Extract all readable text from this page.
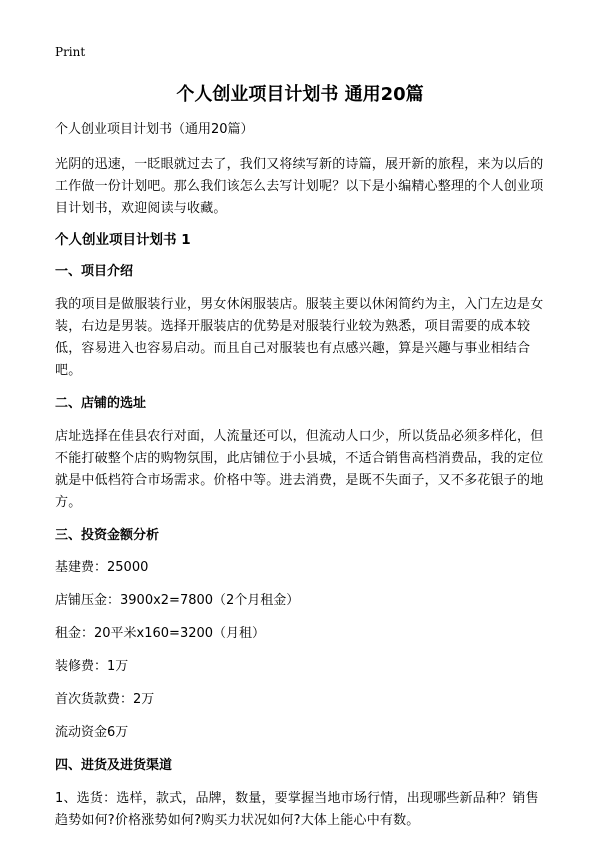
Print
个人创业项目计划书 通用20篇
个人创业项目计划书（通用20篇）

光阴的迅速，一眨眼就过去了，我们又将续写新的诗篇，展开新的旅程，来为以后的工作做一份计划吧。那么我们该怎么去写计划呢？以下是小编精心整理的个人创业项目计划书，欢迎阅读与收藏。

个人创业项目计划书 1
一、项目介绍

我的项目是做服装行业，男女休闲服装店。服装主要以休闲简约为主，入门左边是女装，右边是男装。选择开服装店的优势是对服装行业较为熟悉，项目需要的成本较低，容易进入也容易启动。而且自己对服装也有点感兴趣，算是兴趣与事业相结合吧。

二、店铺的选址

店址选择在佳县农行对面，人流量还可以，但流动人口少，所以货品必须多样化，但不能打破整个店的购物氛围，此店铺位于小县城，不适合销售高档消费品，我的定位就是中低档符合市场需求。价格中等。进去消费，是既不失面子，又不多花银子的地方。

三、投资金额分析

基建费：25000

店铺压金：3900x2=7800（2个月租金）

租金：20平米x160=3200（月租）

装修费：1万

首次货款费：2万

流动资金6万

四、进货及进货渠道

1、选货：选样，款式，品牌，数量，要掌握当地市场行情，出现哪些新品种？销售趋势如何?价格涨势如何?购买力状况如何?大体上能心中有数。
